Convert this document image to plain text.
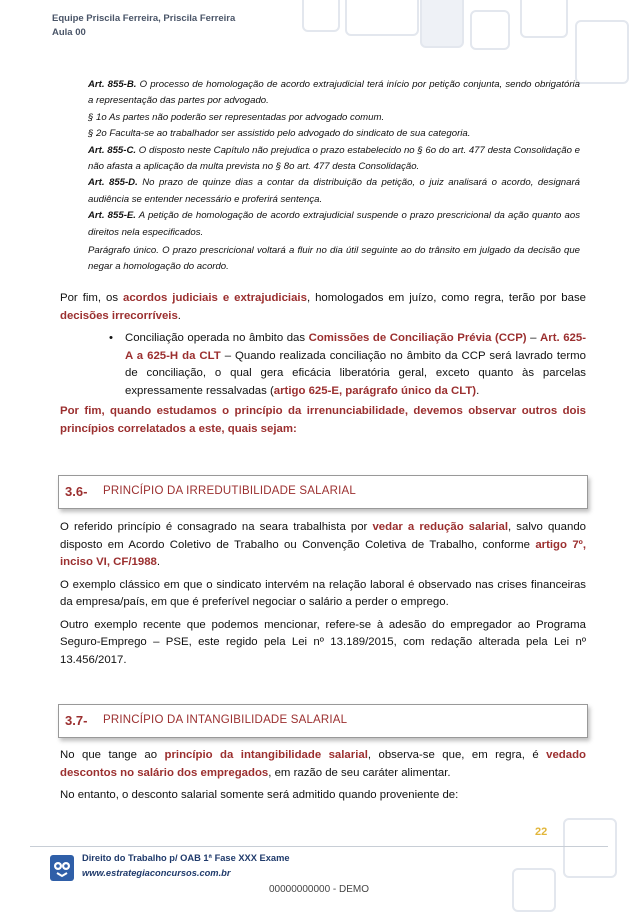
Equipe Priscila Ferreira, Priscila Ferreira
Aula 00

Art. 855-B. O processo de homologação de acordo extrajudicial terá início por petição conjunta, sendo obrigatória a representação das partes por advogado.

§ 1o As partes não poderão ser representadas por advogado comum.

§ 2o Faculta-se ao trabalhador ser assistido pelo advogado do sindicato de sua categoria.

Art. 855-C. O disposto neste Capítulo não prejudica o prazo estabelecido no § 6o do art. 477 desta Consolidação e não afasta a aplicação da multa prevista no § 8o art. 477 desta Consolidação.

Art. 855-D. No prazo de quinze dias a contar da distribuição da petição, o juiz analisará o acordo, designará audiência se entender necessário e proferirá sentença.

Art. 855-E. A petição de homologação de acordo extrajudicial suspende o prazo prescricional da ação quanto aos direitos nela especificados.

Parágrafo único. O prazo prescricional voltará a fluir no dia útil seguinte ao do trânsito em julgado da decisão que negar a homologação do acordo.

Por fim, os acordos judiciais e extrajudiciais, homologados em juízo, como regra, terão por base decisões irrecorríveis.

• Conciliação operada no âmbito das Comissões de Conciliação Prévia (CCP) – Art. 625-A a 625-H da CLT – Quando realizada conciliação no âmbito da CCP será lavrado termo de conciliação, o qual gera eficácia liberatória geral, exceto quanto às parcelas expressamente ressalvadas (artigo 625-E, parágrafo único da CLT).

Por fim, quando estudamos o princípio da irrenunciabilidade, devemos observar outros dois princípios correlatados a este, quais sejam:

3.6- PRINCÍPIO DA IRREDUTIBILIDADE SALARIAL

O referido princípio é consagrado na seara trabalhista por vedar a redução salarial, salvo quando disposto em Acordo Coletivo de Trabalho ou Convenção Coletiva de Trabalho, conforme artigo 7º, inciso VI, CF/1988.

O exemplo clássico em que o sindicato intervém na relação laboral é observado nas crises financeiras da empresa/país, em que é preferível negociar o salário a perder o emprego.

Outro exemplo recente que podemos mencionar, refere-se à adesão do empregador ao Programa Seguro-Emprego – PSE, este regido pela Lei nº 13.189/2015, com redação alterada pela Lei nº 13.456/2017.

3.7- PRINCÍPIO DA INTANGIBILIDADE SALARIAL

No que tange ao princípio da intangibilidade salarial, observa-se que, em regra, é vedado descontos no salário dos empregados, em razão de seu caráter alimentar.

No entanto, o desconto salarial somente será admitido quando proveniente de:

22
Direito do Trabalho p/ OAB 1ª Fase XXX Exame
www.estrategiaconcursos.com.br
00000000000 - DEMO
